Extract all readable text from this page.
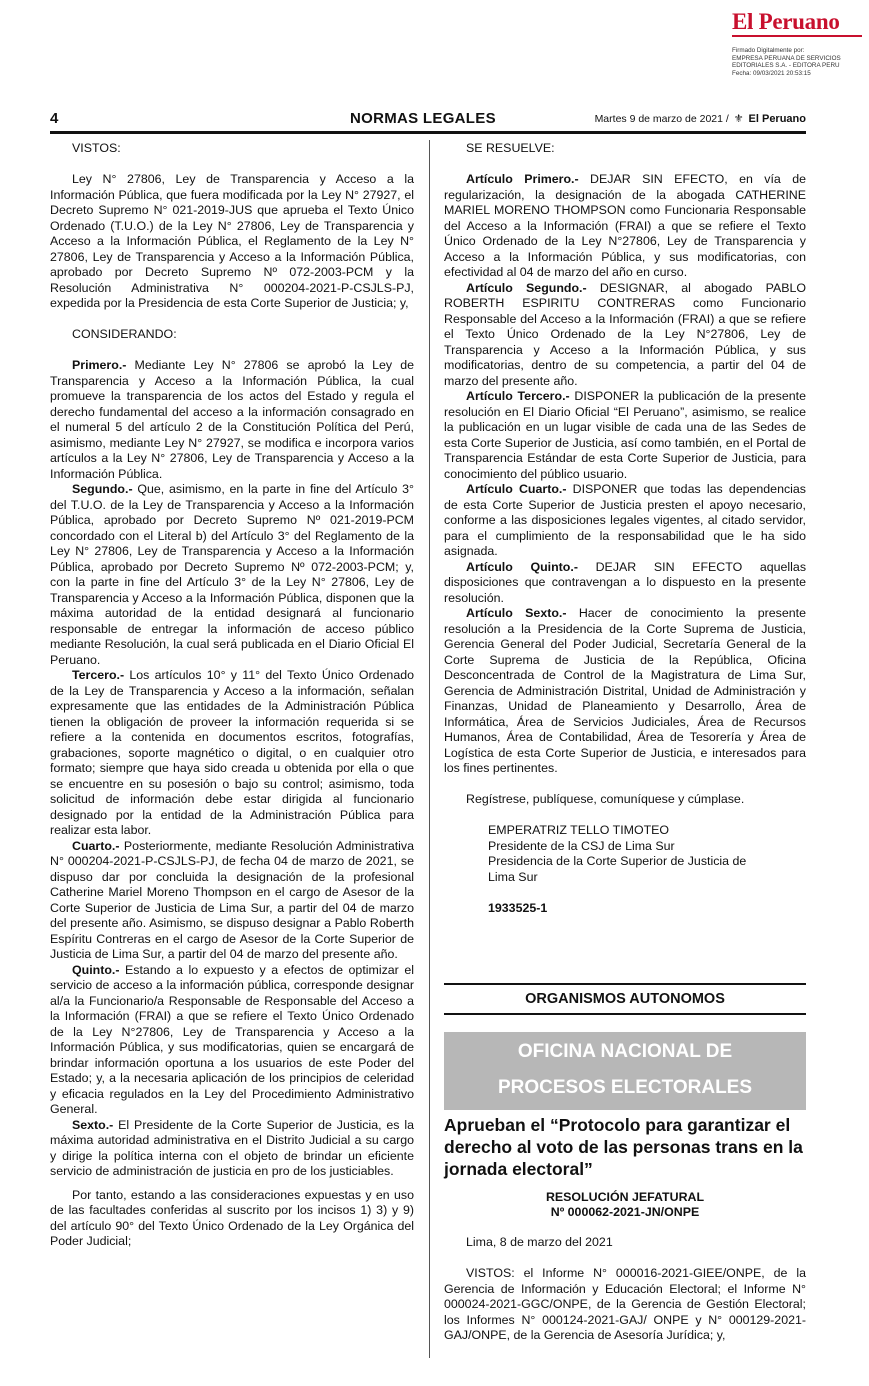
El Peruano
Firmado Digitalmente por:
EMPRESA PERUANA DE SERVICIOS
EDITORIALES S.A. - EDITORA PERU
Fecha: 09/03/2021 20:53:15
4	NORMAS LEGALES	Martes 9 de marzo de 2021 / ⚜ El Peruano

VISTOS:

Ley N° 27806, Ley de Transparencia y Acceso a la Información Pública, que fuera modificada por la Ley N° 27927, el Decreto Supremo N° 021-2019-JUS que aprueba el Texto Único Ordenado (T.U.O.) de la Ley N° 27806, Ley de Transparencia y Acceso a la Información Pública, el Reglamento de la Ley N° 27806, Ley de Transparencia y Acceso a la Información Pública, aprobado por Decreto Supremo Nº 072-2003-PCM y la Resolución Administrativa N° 000204-2021-P-CSJLS-PJ, expedida por la Presidencia de esta Corte Superior de Justicia; y,

CONSIDERANDO:

Primero.- Mediante Ley N° 27806 se aprobó la Ley de Transparencia y Acceso a la Información Pública, la cual promueve la transparencia de los actos del Estado y regula el derecho fundamental del acceso a la información consagrado en el numeral 5 del artículo 2 de la Constitución Política del Perú, asimismo, mediante Ley N° 27927, se modifica e incorpora varios artículos a la Ley N° 27806, Ley de Transparencia y Acceso a la Información Pública.

Segundo.- Que, asimismo, en la parte in fine del Artículo 3° del T.U.O. de la Ley de Transparencia y Acceso a la Información Pública, aprobado por Decreto Supremo Nº 021-2019-PCM concordado con el Literal b) del Artículo 3° del Reglamento de la Ley N° 27806, Ley de Transparencia y Acceso a la Información Pública, aprobado por Decreto Supremo Nº 072-2003-PCM; y, con la parte in fine del Artículo 3° de la Ley N° 27806, Ley de Transparencia y Acceso a la Información Pública, disponen que la máxima autoridad de la entidad designará al funcionario responsable de entregar la información de acceso público mediante Resolución, la cual será publicada en el Diario Oficial El Peruano.

Tercero.- Los artículos 10° y 11° del Texto Único Ordenado de la Ley de Transparencia y Acceso a la información, señalan expresamente que las entidades de la Administración Pública tienen la obligación de proveer la información requerida si se refiere a la contenida en documentos escritos, fotografías, grabaciones, soporte magnético o digital, o en cualquier otro formato; siempre que haya sido creada u obtenida por ella o que se encuentre en su posesión o bajo su control; asimismo, toda solicitud de información debe estar dirigida al funcionario designado por la entidad de la Administración Pública para realizar esta labor.

Cuarto.- Posteriormente, mediante Resolución Administrativa N° 000204-2021-P-CSJLS-PJ, de fecha 04 de marzo de 2021, se dispuso dar por concluida la designación de la profesional Catherine Mariel Moreno Thompson en el cargo de Asesor de la Corte Superior de Justicia de Lima Sur, a partir del 04 de marzo del presente año. Asimismo, se dispuso designar a Pablo Roberth Espíritu Contreras en el cargo de Asesor de la Corte Superior de Justicia de Lima Sur, a partir del 04 de marzo del presente año.

Quinto.- Estando a lo expuesto y a efectos de optimizar el servicio de acceso a la información pública, corresponde designar al/a la Funcionario/a Responsable de Responsable del Acceso a la Información (FRAI) a que se refiere el Texto Único Ordenado de la Ley N°27806, Ley de Transparencia y Acceso a la Información Pública, y sus modificatorias, quien se encargará de brindar información oportuna a los usuarios de este Poder del Estado; y, a la necesaria aplicación de los principios de celeridad y eficacia regulados en la Ley del Procedimiento Administrativo General.

Sexto.- El Presidente de la Corte Superior de Justicia, es la máxima autoridad administrativa en el Distrito Judicial a su cargo y dirige la política interna con el objeto de brindar un eficiente servicio de administración de justicia en pro de los justiciables.

Por tanto, estando a las consideraciones expuestas y en uso de las facultades conferidas al suscrito por los incisos 1) 3) y 9) del artículo 90° del Texto Único Ordenado de la Ley Orgánica del Poder Judicial;

SE RESUELVE:

Artículo Primero.- DEJAR SIN EFECTO, en vía de regularización, la designación de la abogada CATHERINE MARIEL MORENO THOMPSON como Funcionaria Responsable del Acceso a la Información (FRAI) a que se refiere el Texto Único Ordenado de la Ley N°27806, Ley de Transparencia y Acceso a la Información Pública, y sus modificatorias, con efectividad al 04 de marzo del año en curso.

Artículo Segundo.- DESIGNAR, al abogado PABLO ROBERTH ESPIRITU CONTRERAS como Funcionario Responsable del Acceso a la Información (FRAI) a que se refiere el Texto Único Ordenado de la Ley N°27806, Ley de Transparencia y Acceso a la Información Pública, y sus modificatorias, dentro de su competencia, a partir del 04 de marzo del presente año.

Artículo Tercero.- DISPONER la publicación de la presente resolución en El Diario Oficial “El Peruano”, asimismo, se realice la publicación en un lugar visible de cada una de las Sedes de esta Corte Superior de Justicia, así como también, en el Portal de Transparencia Estándar de esta Corte Superior de Justicia, para conocimiento del público usuario.

Artículo Cuarto.- DISPONER que todas las dependencias de esta Corte Superior de Justicia presten el apoyo necesario, conforme a las disposiciones legales vigentes, al citado servidor, para el cumplimiento de la responsabilidad que le ha sido asignada.

Artículo Quinto.- DEJAR SIN EFECTO aquellas disposiciones que contravengan a lo dispuesto en la presente resolución.

Artículo Sexto.- Hacer de conocimiento la presente resolución a la Presidencia de la Corte Suprema de Justicia, Gerencia General del Poder Judicial, Secretaría General de la Corte Suprema de Justicia de la República, Oficina Desconcentrada de Control de la Magistratura de Lima Sur, Gerencia de Administración Distrital, Unidad de Administración y Finanzas, Unidad de Planeamiento y Desarrollo, Área de Informática, Área de Servicios Judiciales, Área de Recursos Humanos, Área de Contabilidad, Área de Tesorería y Área de Logística de esta Corte Superior de Justicia, e interesados para los fines pertinentes.

Regístrese, publíquese, comuníquese y cúmplase.

EMPERATRIZ TELLO TIMOTEO

Presidente de la CSJ de Lima Sur

Presidencia de la Corte Superior de Justicia de

Lima Sur

1933525-1

ORGANISMOS AUTONOMOS
OFICINA NACIONAL DE
PROCESOS ELECTORALES
Aprueban el “Protocolo para garantizar el derecho al voto de las personas trans en la jornada electoral”
RESOLUCIÓN JEFATURAL
Nº 000062-2021-JN/ONPE

Lima, 8 de marzo del 2021

VISTOS: el Informe N° 000016-2021-GIEE/ONPE, de la Gerencia de Información y Educación Electoral; el Informe N° 000024-2021-GGC/ONPE, de la Gerencia de Gestión Electoral; los Informes N° 000124-2021-GAJ/ ONPE y N° 000129-2021-GAJ/ONPE, de la Gerencia de Asesoría Jurídica; y,
